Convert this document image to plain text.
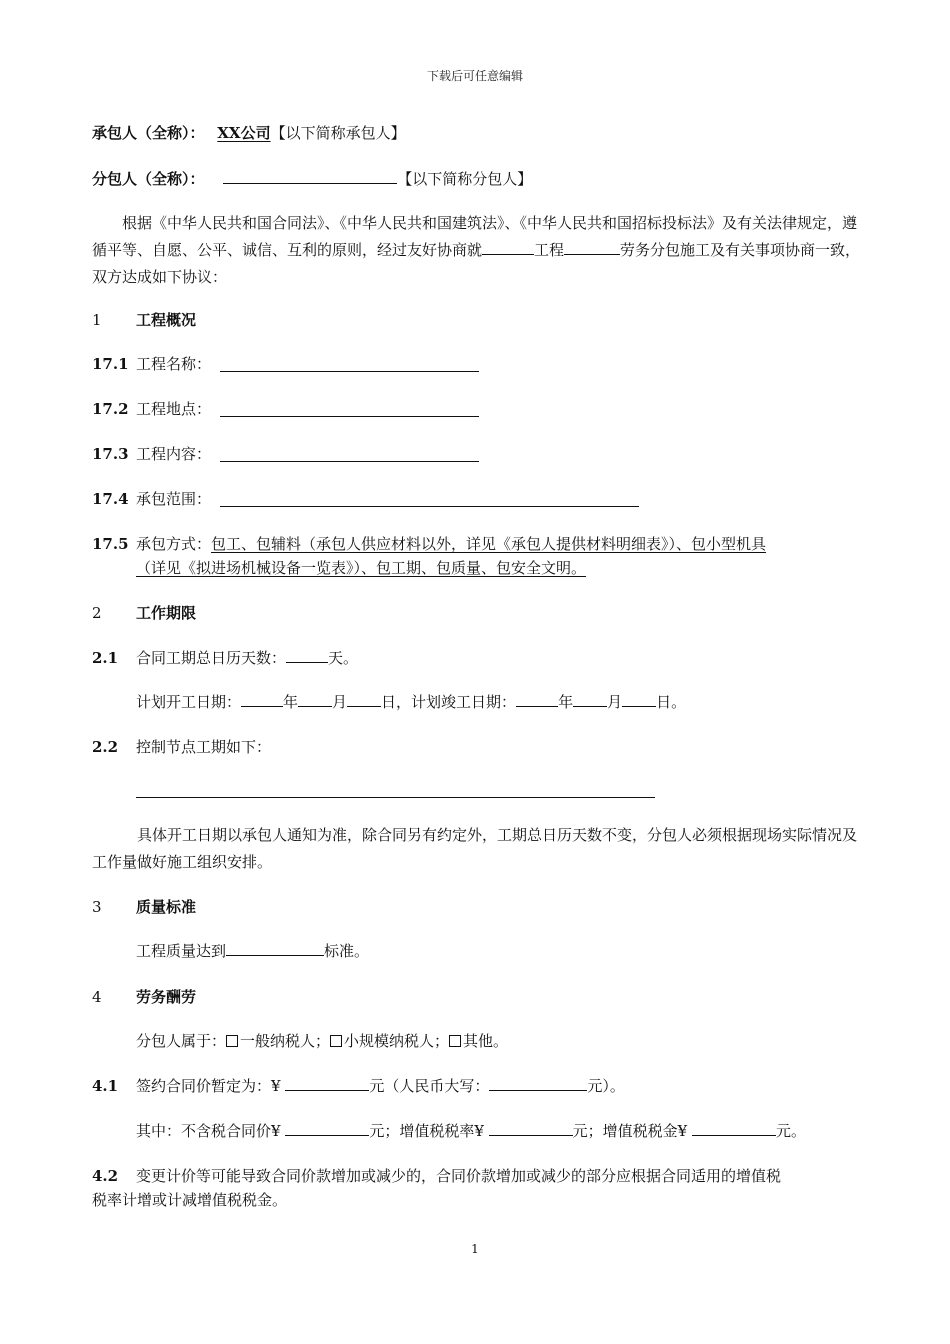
下载后可任意编辑
承包人（全称）： XX公司【以下简称承包人】
分包人（全称）：	【以下简称分包人】
根据《中华人民共和国合同法》、《中华人民共和国建筑法》、《中华人民共和国招标投标法》及有关法律规定，遵循平等、自愿、公平、诚信、互利的原则，经过友好协商就	工程	劳务分包施工及有关事项协商一致，双方达成如下协议：
1 工程概况
17.1 工程名称：
17.2 工程地点：
17.3 工程内容：
17.4 承包范围：
17.5 承包方式：包工、包辅料（承包人供应材料以外，详见《承包人提供材料明细表》）、包小型机具
（详见《拟进场机械设备一览表》）、包工期、包质量、包安全文明。
2 工作期限
2.1 合同工期总日历天数：	天。
计划开工日期：	年 月 日，计划竣工日期：	年 月 日。
2.2 控制节点工期如下：
具体开工日期以承包人通知为准，除合同另有约定外，工期总日历天数不变，分包人必须根据现场实际情况及工作量做好施工组织安排。
3 质量标准
工程质量达到	标准。
4 劳务酬劳
分包人属于： 一般纳税人； 小规模纳税人； 其他。
4.1 签约合同价暂定为：¥	元（人民币大写：	元）。
其中：不含税合同价¥	元；增值税税率¥	元；增值税税金¥	元。
4.2 变更计价等可能导致合同价款增加或减少的，合同价款增加或减少的部分应根据合同适用的增值税
税率计增或计减增值税税金。
1
